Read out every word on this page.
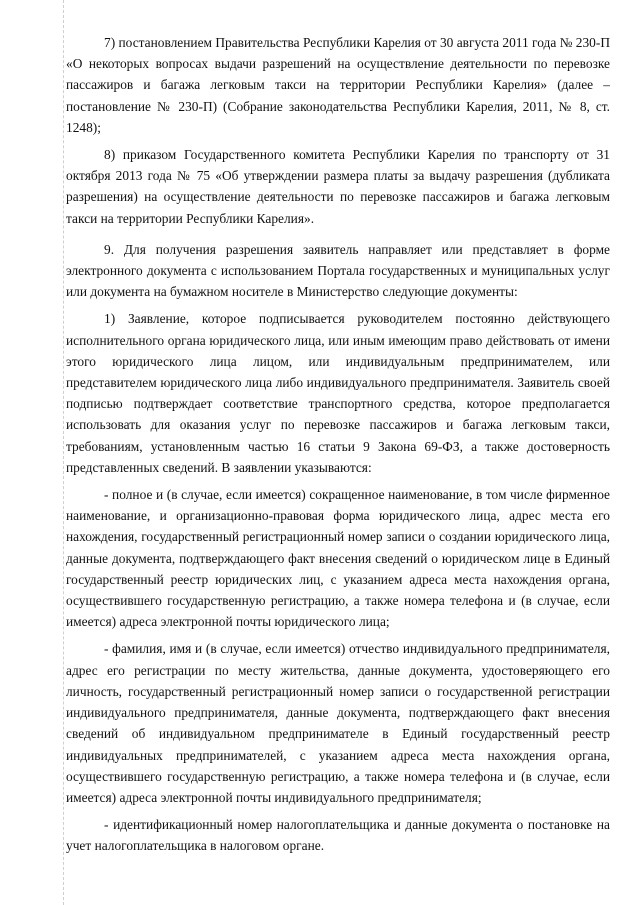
7) постановлением Правительства Республики Карелия от 30 августа 2011 года № 230-П «О некоторых вопросах выдачи разрешений на осуществление деятельности по перевозке пассажиров и багажа легковым такси на территории Республики Карелия» (далее – постановление № 230-П) (Собрание законодательства Республики Карелия, 2011, № 8, ст. 1248);

8) приказом Государственного комитета Республики Карелия по транспорту от 31 октября 2013 года № 75 «Об утверждении размера платы за выдачу разрешения (дубликата разрешения) на осуществление деятельности по перевозке пассажиров и багажа легковым такси на территории Республики Карелия».

9. Для получения разрешения заявитель направляет или представляет в форме электронного документа с использованием Портала государственных и муниципальных услуг или документа на бумажном носителе в Министерство следующие документы:

1) Заявление, которое подписывается руководителем постоянно действующего исполнительного органа юридического лица, или иным имеющим право действовать от имени этого юридического лица лицом, или индивидуальным предпринимателем, или представителем юридического лица либо индивидуального предпринимателя. Заявитель своей подписью подтверждает соответствие транспортного средства, которое предполагается использовать для оказания услуг по перевозке пассажиров и багажа легковым такси, требованиям, установленным частью 16 статьи 9 Закона 69-ФЗ, а также достоверность представленных сведений. В заявлении указываются:

- полное и (в случае, если имеется) сокращенное наименование, в том числе фирменное наименование, и организационно-правовая форма юридического лица, адрес места его нахождения, государственный регистрационный номер записи о создании юридического лица, данные документа, подтверждающего факт внесения сведений о юридическом лице в Единый государственный реестр юридических лиц, с указанием адреса места нахождения органа, осуществившего государственную регистрацию, а также номера телефона и (в случае, если имеется) адреса электронной почты юридического лица;

- фамилия, имя и (в случае, если имеется) отчество индивидуального предпринимателя, адрес его регистрации по месту жительства, данные документа, удостоверяющего его личность, государственный регистрационный номер записи о государственной регистрации индивидуального предпринимателя, данные документа, подтверждающего факт внесения сведений об индивидуальном предпринимателе в Единый государственный реестр индивидуальных предпринимателей, с указанием адреса места нахождения органа, осуществившего государственную регистрацию, а также номера телефона и (в случае, если имеется) адреса электронной почты индивидуального предпринимателя;

- идентификационный номер налогоплательщика и данные документа о постановке на учет налогоплательщика в налоговом органе.
